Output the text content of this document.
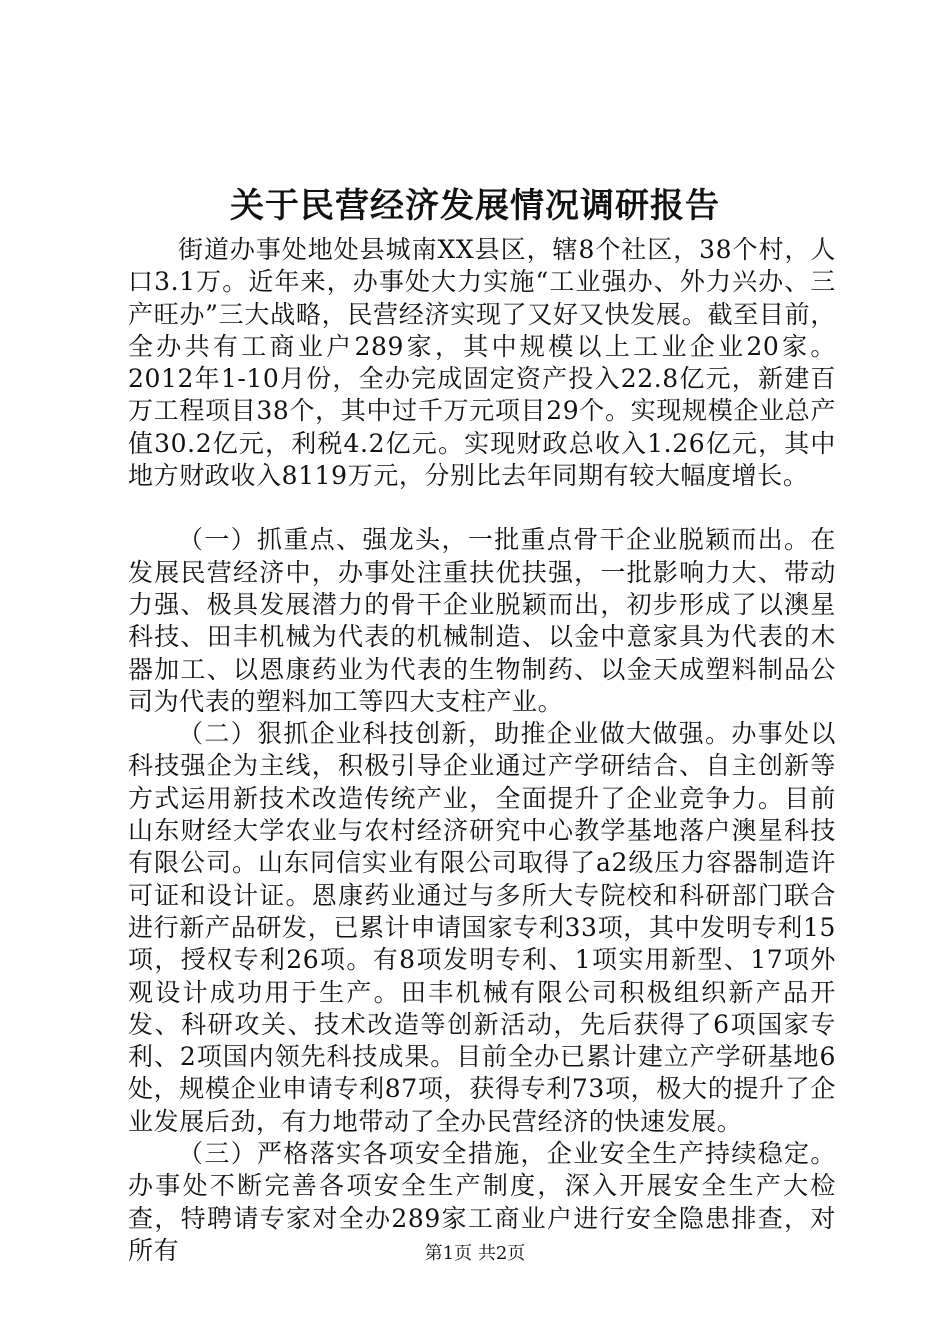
关于民营经济发展情况调研报告

街道办事处地处县城南XX县区，辖8个社区，38个村，人口3.1万。近年来，办事处大力实施“工业强办、外力兴办、三产旺办”三大战略，民营经济实现了又好又快发展。截至目前，全办共有工商业户289家，其中规模以上工业企业20家。2012年1-10月份，全办完成固定资产投入22.8亿元，新建百万工程项目38个，其中过千万元项目29个。实现规模企业总产值30.2亿元，利税4.2亿元。实现财政总收入1.26亿元，其中地方财政收入8119万元，分别比去年同期有较大幅度增长。

（一）抓重点、强龙头，一批重点骨干企业脱颖而出。在发展民营经济中，办事处注重扶优扶强，一批影响力大、带动力强、极具发展潜力的骨干企业脱颖而出，初步形成了以澳星科技、田丰机械为代表的机械制造、以金中意家具为代表的木器加工、以恩康药业为代表的生物制药、以金天成塑料制品公司为代表的塑料加工等四大支柱产业。

（二）狠抓企业科技创新，助推企业做大做强。办事处以科技强企为主线，积极引导企业通过产学研结合、自主创新等方式运用新技术改造传统产业，全面提升了企业竞争力。目前山东财经大学农业与农村经济研究中心教学基地落户澳星科技有限公司。山东同信实业有限公司取得了a2级压力容器制造许可证和设计证。恩康药业通过与多所大专院校和科研部门联合进行新产品研发，已累计申请国家专利33项，其中发明专利15项，授权专利26项。有8项发明专利、1项实用新型、17项外观设计成功用于生产。田丰机械有限公司积极组织新产品开发、科研攻关、技术改造等创新活动，先后获得了6项国家专利、2项国内领先科技成果。目前全办已累计建立产学研基地6处，规模企业申请专利87项，获得专利73项，极大的提升了企业发展后劲，有力地带动了全办民营经济的快速发展。

（三）严格落实各项安全措施，企业安全生产持续稳定。办事处不断完善各项安全生产制度，深入开展安全生产大检查，特聘请专家对全办289家工商业户进行安全隐患排查，对所有	第1页 共2页
